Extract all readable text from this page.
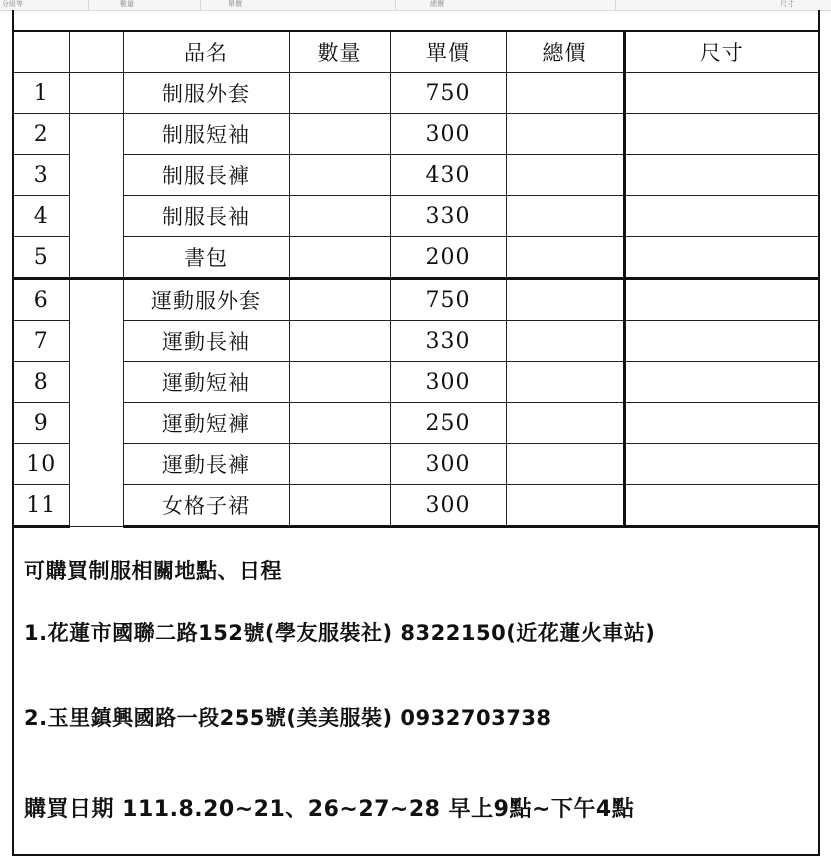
分組等	數量	單價	總價	尺寸
		品名	數量	單價	總價	尺寸
1		制服外套		750		
2		制服短袖		300		
3		制服長褲		430		
4		制服長袖		330		
5		書包		200		
6		運動服外套		750		
7		運動長袖		330		
8		運動短袖		300		
9		運動短褲		250		
10		運動長褲		300		
11		女格子裙		300		
可購買制服相關地點、日程
1.花蓮市國聯二路152號(學友服裝社) 8322150(近花蓮火車站)
2.玉里鎮興國路一段255號(美美服裝) 0932703738
購買日期 111.8.20~21、26~27~28 早上9點~下午4點
